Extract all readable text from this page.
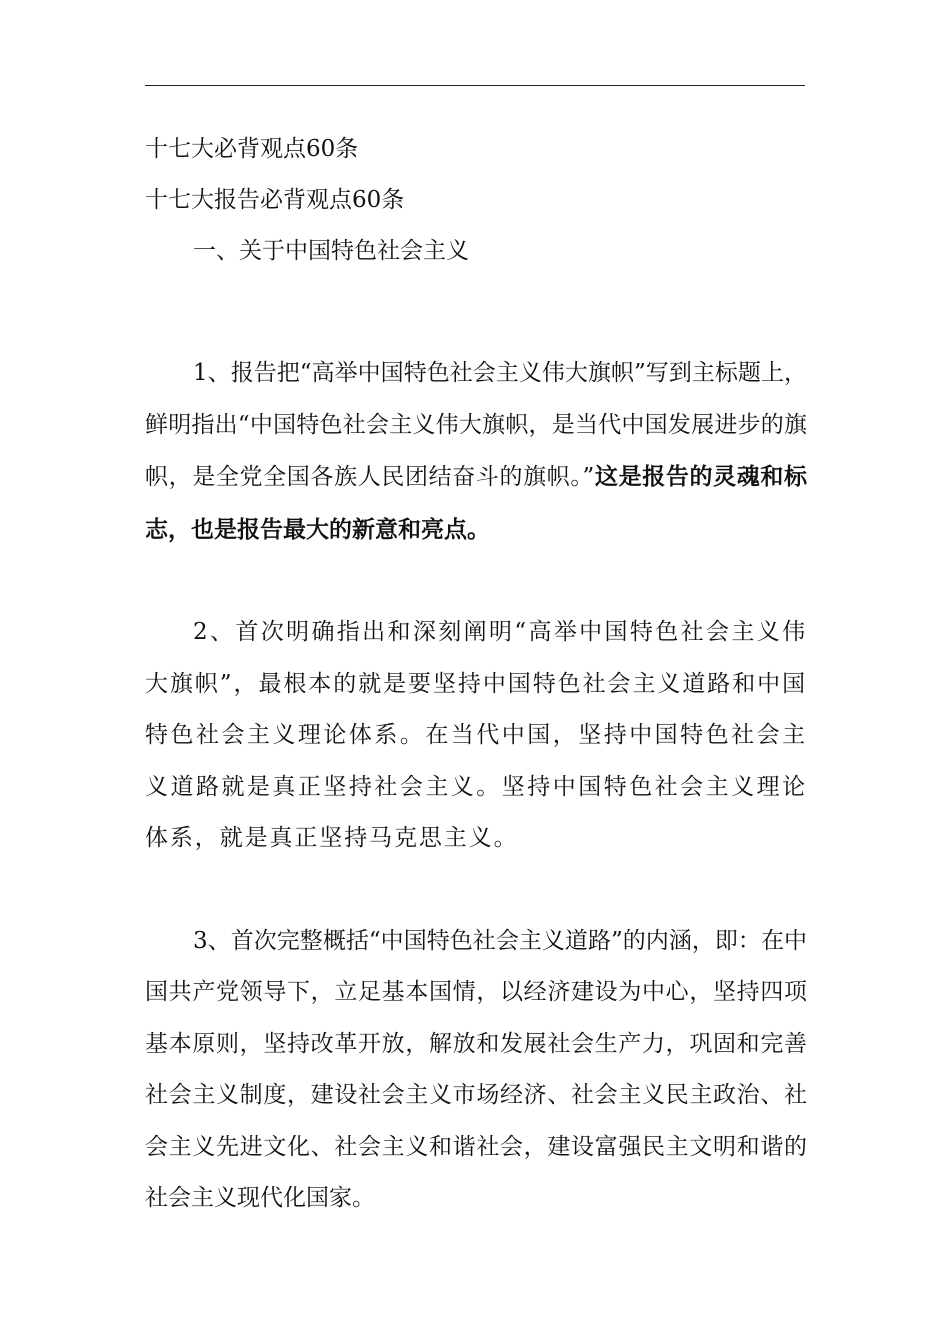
十七大必背观点60条
十七大报告必背观点60条
一、关于中国特色社会主义

1、报告把“高举中国特色社会主义伟大旗帜”写到主标题上，鲜明指出“中国特色社会主义伟大旗帜，是当代中国发展进步的旗帜，是全党全国各族人民团结奋斗的旗帜。”这是报告的灵魂和标志，也是报告最大的新意和亮点。

2、首次明确指出和深刻阐明“高举中国特色社会主义伟大旗帜”，最根本的就是要坚持中国特色社会主义道路和中国特色社会主义理论体系。在当代中国，坚持中国特色社会主义道路就是真正坚持社会主义。坚持中国特色社会主义理论体系，就是真正坚持马克思主义。

3、首次完整概括“中国特色社会主义道路”的内涵，即：在中国共产党领导下，立足基本国情，以经济建设为中心，坚持四项基本原则，坚持改革开放，解放和发展社会生产力，巩固和完善社会主义制度，建设社会主义市场经济、社会主义民主政治、社会主义先进文化、社会主义和谐社会，建设富强民主文明和谐的社会主义现代化国家。
